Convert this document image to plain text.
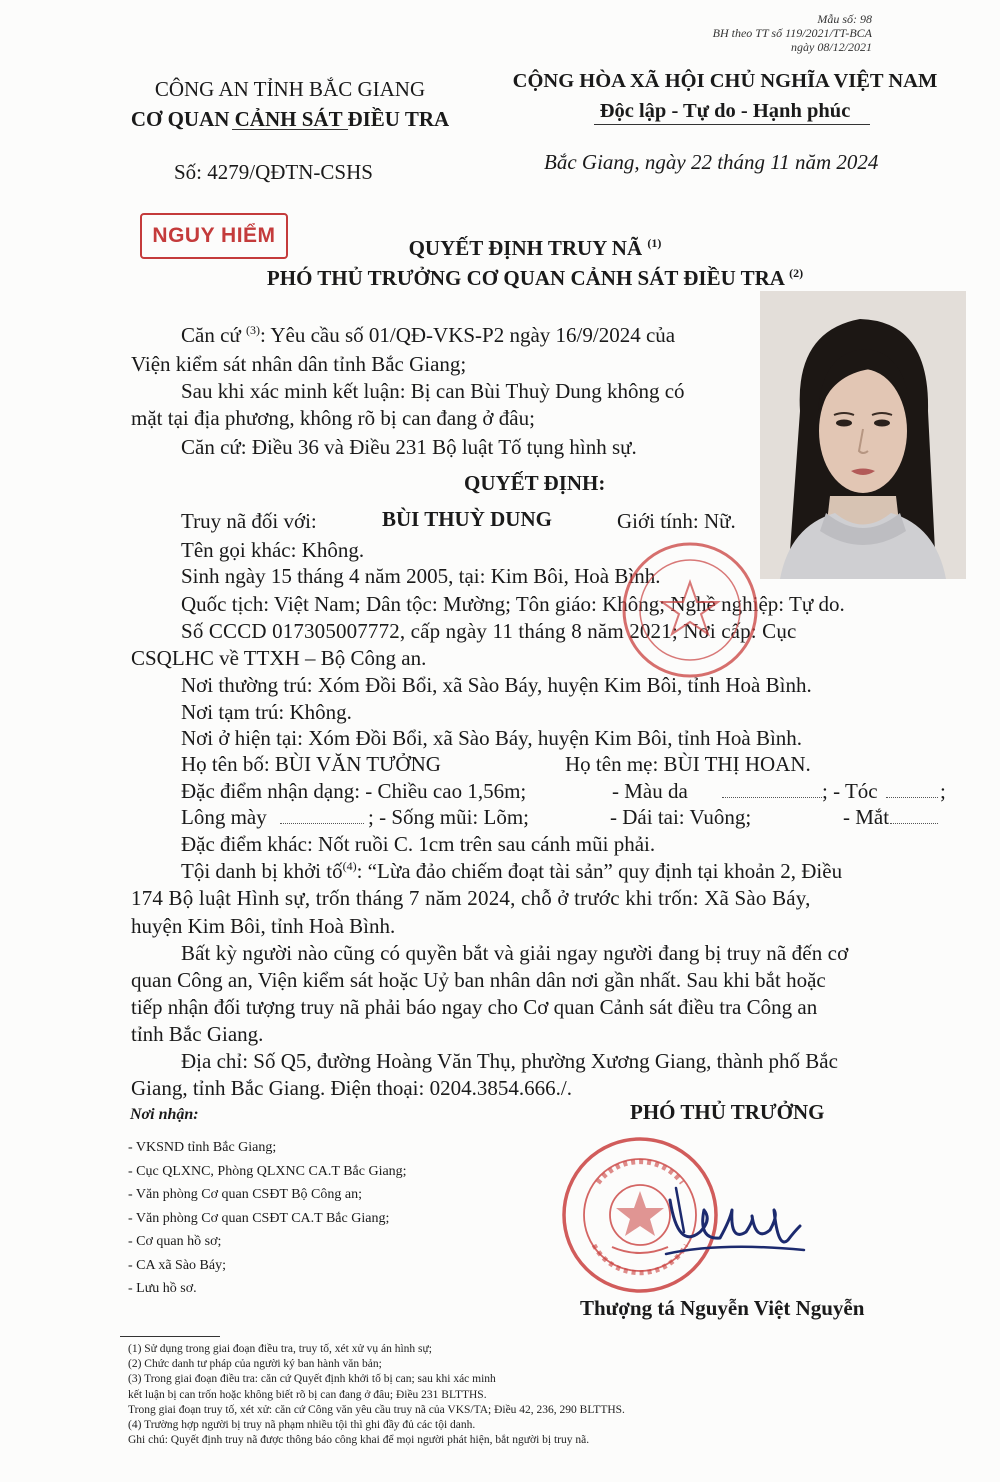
Mẫu số: 98
BH theo TT số 119/2021/TT-BCA
ngày 08/12/2021
CÔNG AN TỈNH BẮC GIANG
CƠ QUAN CẢNH SÁT ĐIỀU TRA
CỘNG HÒA XÃ HỘI CHỦ NGHĨA VIỆT NAM
Độc lập - Tự do - Hạnh phúc
Số: 4279/QĐTN-CSHS	Bắc Giang, ngày 22 tháng 11 năm 2024
NGUY HIỂM
QUYẾT ĐỊNH TRUY NÃ $^{(1)}$
PHÓ THỦ TRƯỞNG CƠ QUAN CẢNH SÁT ĐIỀU TRA $^{(2)}$
Căn cứ $^{(3)}$: Yêu cầu số 01/QĐ-VKS-P2 ngày 16/9/2024 của
Viện kiểm sát nhân dân tỉnh Bắc Giang;
Sau khi xác minh kết luận: Bị can Bùi Thuỳ Dung không có
mặt tại địa phương, không rõ bị can đang ở đâu;
Căn cứ: Điều 36 và Điều 231 Bộ luật Tố tụng hình sự.
QUYẾT ĐỊNH:
Truy nã đối với:	BÙI THUỲ DUNG	Giới tính: Nữ.
Tên gọi khác: Không.
Sinh ngày 15 tháng 4 năm 2005, tại: Kim Bôi, Hoà Bình.
Quốc tịch: Việt Nam; Dân tộc: Mường; Tôn giáo: Không; Nghề nghiệp: Tự do.
Số CCCD 017305007772, cấp ngày 11 tháng 8 năm 2021; Nơi cấp: Cục
CSQLHC về TTXH – Bộ Công an.
Nơi thường trú: Xóm Đồi Bổi, xã Sào Báy, huyện Kim Bôi, tỉnh Hoà Bình.
Nơi tạm trú: Không.
Nơi ở hiện tại: Xóm Đồi Bổi, xã Sào Báy, huyện Kim Bôi, tỉnh Hoà Bình.
Họ tên bố: BÙI VĂN TƯỞNG	Họ tên mẹ: BÙI THỊ HOAN.
Đặc điểm nhận dạng: - Chiều cao 1,56m;	- Màu da	; - Tóc	;
Lông mày	; - Sống mũi: Lõm;	- Dái tai: Vuông;	- Mắt
Đặc điểm khác: Nốt ruồi C. 1cm trên sau cánh mũi phải.
Tội danh bị khởi tố$^{(4)}$: “Lừa đảo chiếm đoạt tài sản” quy định tại khoản 2, Điều
174 Bộ luật Hình sự, trốn tháng 7 năm 2024, chỗ ở trước khi trốn: Xã Sào Báy,
huyện Kim Bôi, tỉnh Hoà Bình.
Bất kỳ người nào cũng có quyền bắt và giải ngay người đang bị truy nã đến cơ
quan Công an, Viện kiểm sát hoặc Uỷ ban nhân dân nơi gần nhất. Sau khi bắt hoặc
tiếp nhận đối tượng truy nã phải báo ngay cho Cơ quan Cảnh sát điều tra Công an
tỉnh Bắc Giang.
Địa chỉ: Số Q5, đường Hoàng Văn Thụ, phường Xương Giang, thành phố Bắc
Giang, tỉnh Bắc Giang. Điện thoại: 0204.3854.666./.
Nơi nhận:
- VKSND tỉnh Bắc Giang;
- Cục QLXNC, Phòng QLXNC CA.T Bắc Giang;
- Văn phòng Cơ quan CSĐT Bộ Công an;
- Văn phòng Cơ quan CSĐT CA.T Bắc Giang;
- Cơ quan hồ sơ;
- CA xã Sào Báy;
- Lưu hồ sơ.
PHÓ THỦ TRƯỞNG
Thượng tá Nguyễn Việt Nguyễn
(1) Sử dụng trong giai đoạn điều tra, truy tố, xét xử vụ án hình sự;
(2) Chức danh tư pháp của người ký ban hành văn bản;
(3) Trong giai đoạn điều tra: căn cứ Quyết định khởi tố bị can; sau khi xác minh
kết luận bị can trốn hoặc không biết rõ bị can đang ở đâu; Điều 231 BLTTHS.
Trong giai đoạn truy tố, xét xử: căn cứ Công văn yêu cầu truy nã của VKS/TA; Điều 42, 236, 290 BLTTHS.
(4) Trường hợp người bị truy nã phạm nhiều tội thì ghi đầy đủ các tội danh.
Ghi chú: Quyết định truy nã được thông báo công khai để mọi người phát hiện, bắt người bị truy nã.
